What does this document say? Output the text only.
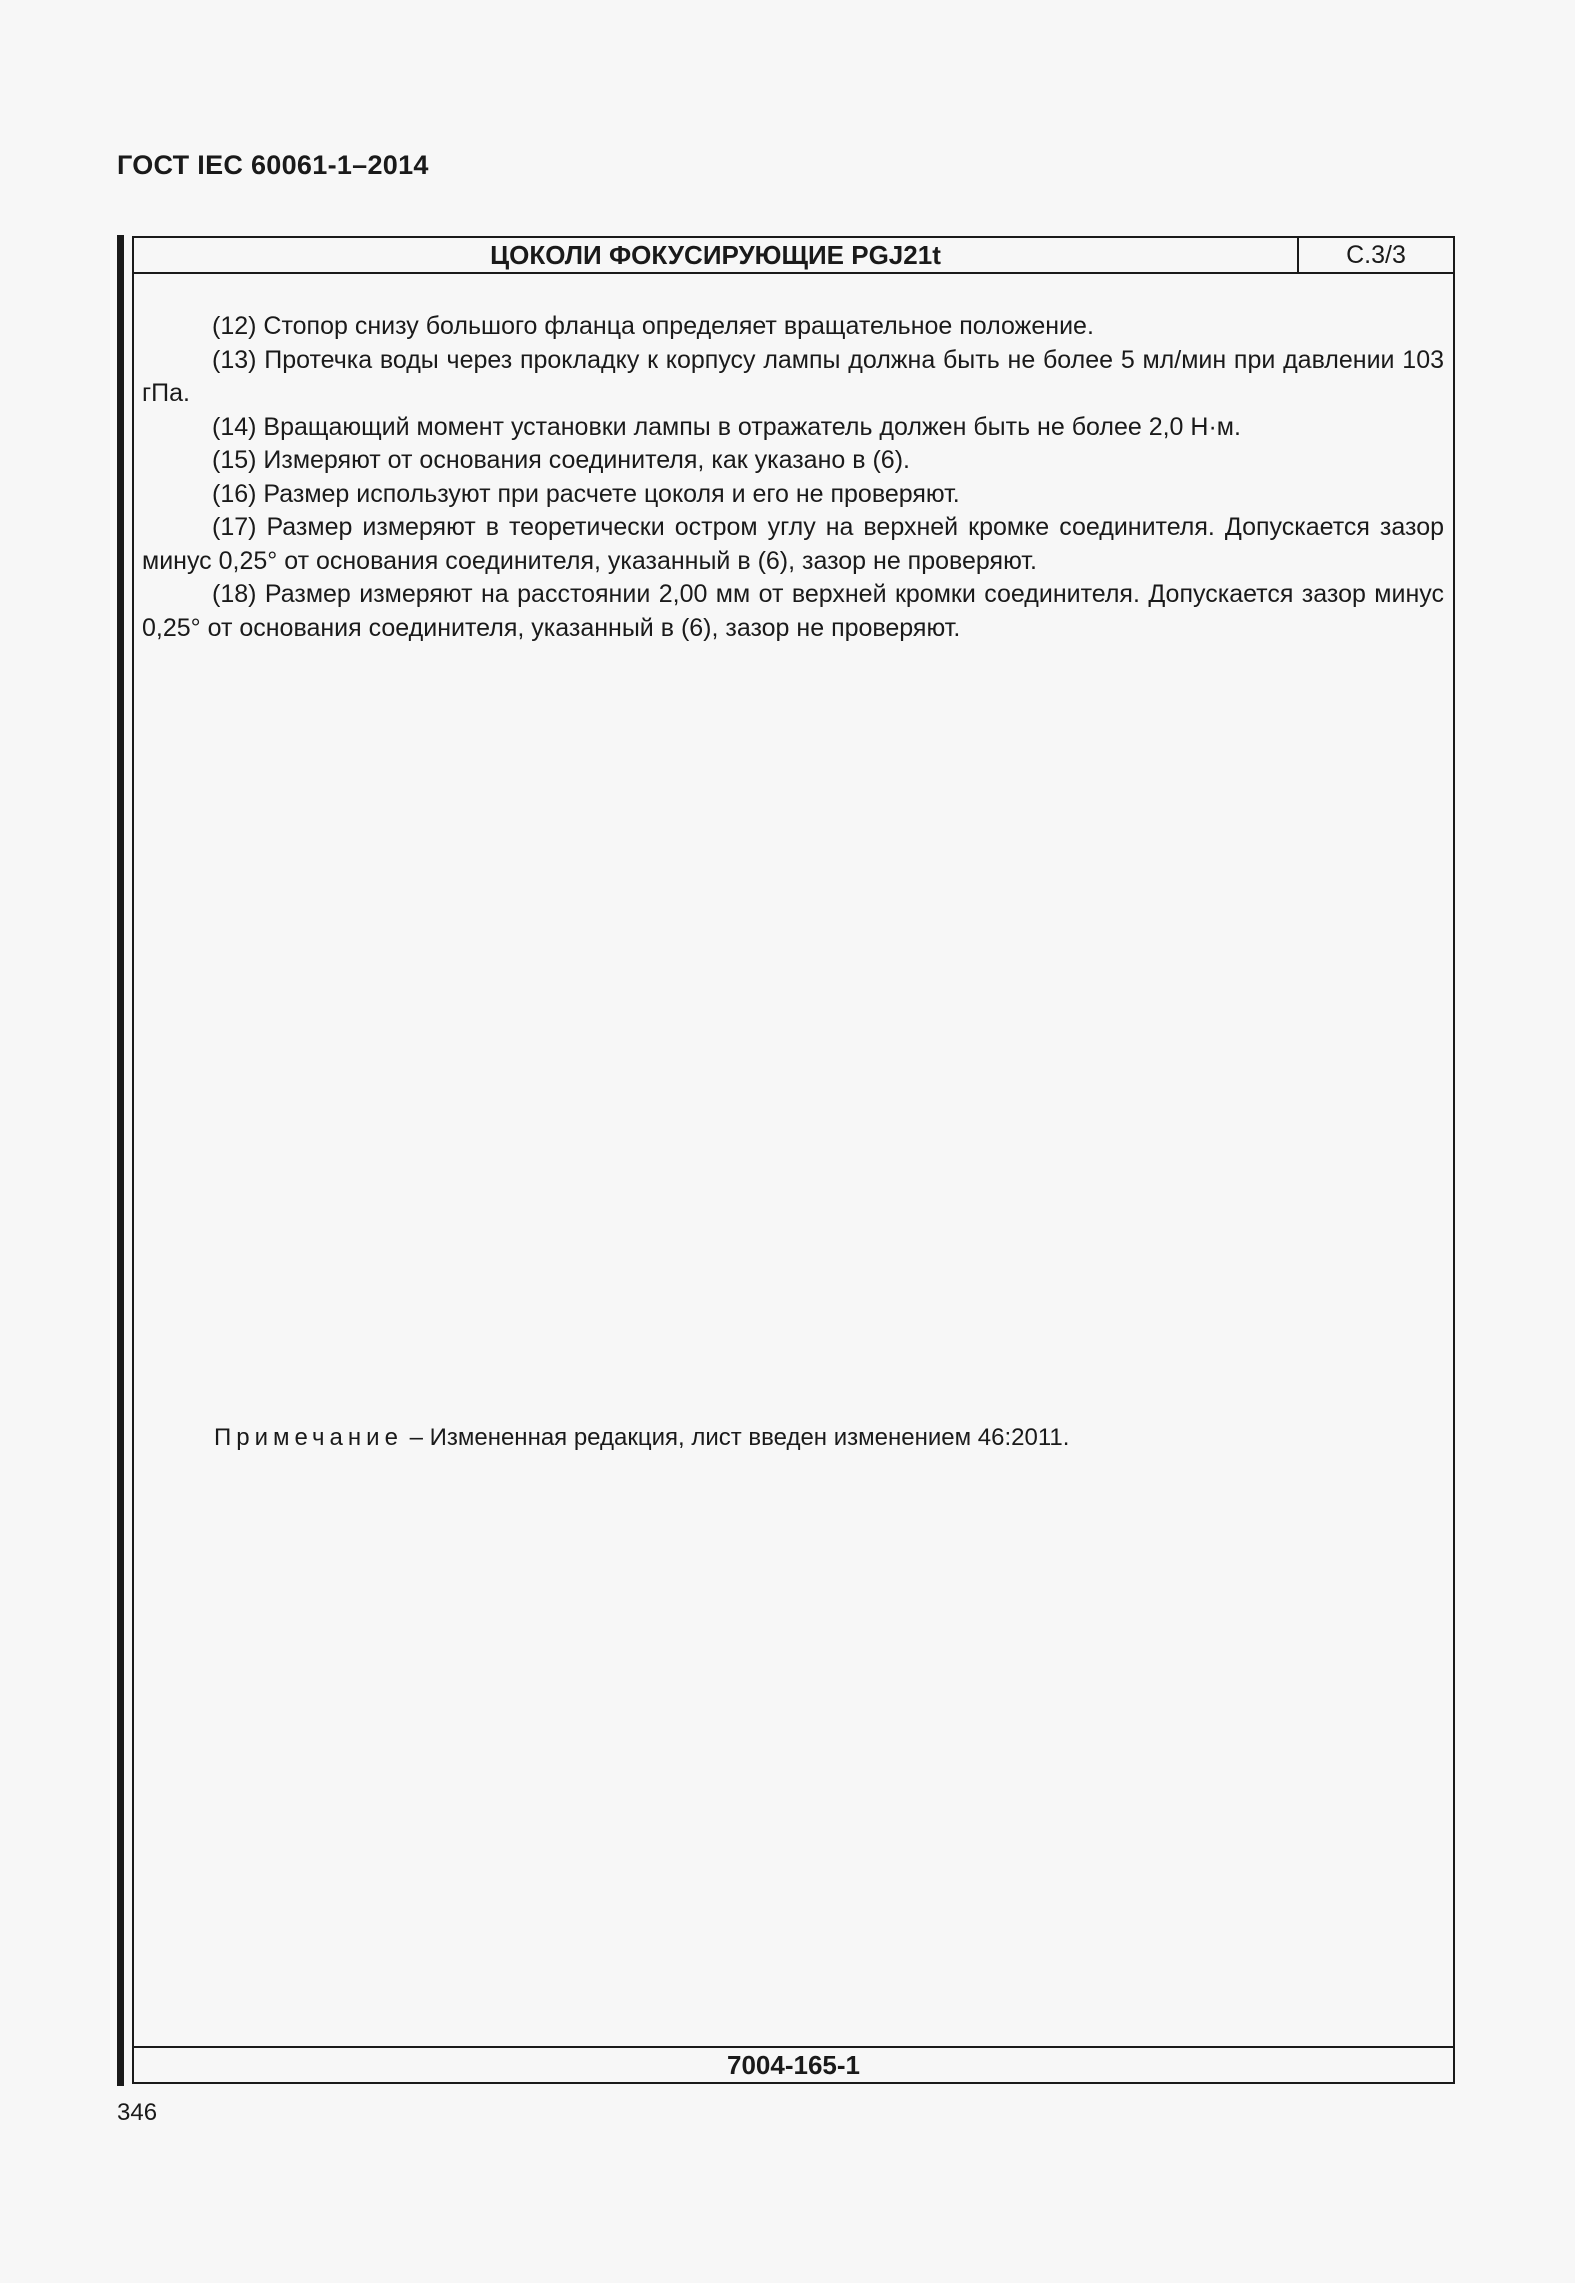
ГОСТ IEC 60061-1–2014
ЦОКОЛИ ФОКУСИРУЮЩИЕ PGJ21t	С.3/3

(12) Стопор снизу большого фланца определяет вращательное положение.

(13) Протечка воды через прокладку к корпусу лампы должна быть не более 5 мл/мин при давлении 103 гПа.

(14) Вращающий момент установки лампы в отражатель должен быть не более 2,0 Н·м.

(15) Измеряют от основания соединителя, как указано в (6).

(16) Размер используют при расчете цоколя и его не проверяют.

(17) Размер измеряют в теоретически остром углу на верхней кромке соединителя. Допускается зазор минус 0,25° от основания соединителя, указанный в (6), зазор не проверяют.

(18) Размер измеряют на расстоянии 2,00 мм от верхней кромки соединителя. Допускается зазор минус 0,25° от основания соединителя, указанный в (6), зазор не проверяют.

Примечание – Измененная редакция, лист введен изменением 46:2011.
7004-165-1
346
